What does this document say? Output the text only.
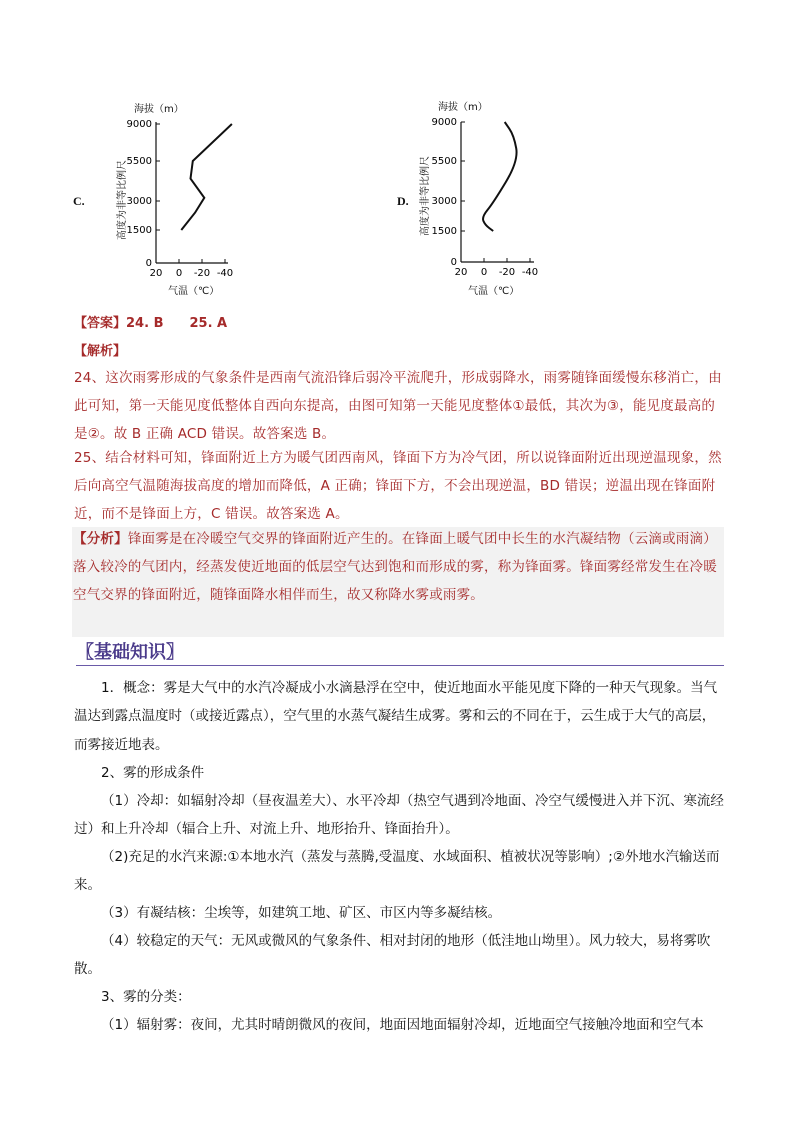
C.
海拔（m）
高度为非等比例尺
0
1500
3000
5500
9000
20 0 -20 -40
气温（℃）
D.
海拔（m）
高度为非等比例尺
0
1500
3000
5500
9000
20 0 -20 -40
气温（℃）
【答案】24. B 25. A
【解析】
24、这次雨雾形成的气象条件是西南气流沿锋后弱冷平流爬升，形成弱降水，雨雾随锋面缓慢东移消亡，由此可知，第一天能见度低整体自西向东提高，由图可知第一天能见度整体①最低，其次为③，能见度最高的是②。故 B 正确 ACD 错误。故答案选 B。
25、结合材料可知，锋面附近上方为暖气团西南风，锋面下方为冷气团，所以说锋面附近出现逆温现象，然后向高空气温随海拔高度的增加而降低，A 正确；锋面下方，不会出现逆温，BD 错误；逆温出现在锋面附近，而不是锋面上方，C 错误。故答案选 A。
【分析】锋面雾是在冷暖空气交界的锋面附近产生的。在锋面上暖气团中长生的水汽凝结物（云滴或雨滴）落入较冷的气团内，经蒸发使近地面的低层空气达到饱和而形成的雾，称为锋面雾。锋面雾经常发生在冷暖空气交界的锋面附近，随锋面降水相伴而生，故又称降水雾或雨雾。
〖基础知识〗
1．概念：雾是大气中的水汽冷凝成小水滴悬浮在空中，使近地面水平能见度下降的一种天气现象。当气温达到露点温度时（或接近露点），空气里的水蒸气凝结生成雾。雾和云的不同在于，云生成于大气的高层，而雾接近地表。
2、雾的形成条件
（1）冷却：如辐射冷却（昼夜温差大）、水平冷却（热空气遇到冷地面、冷空气缓慢进入并下沉、寒流经过）和上升冷却（辐合上升、对流上升、地形抬升、锋面抬升）。
（2)充足的水汽来源:①本地水汽（蒸发与蒸腾,受温度、水域面积、植被状况等影响）;②外地水汽输送而来。
（3）有凝结核：尘埃等，如建筑工地、矿区、市区内等多凝结核。
（4）较稳定的天气：无风或微风的气象条件、相对封闭的地形（低洼地山坳里）。风力较大，易将雾吹散。
3、雾的分类：
（1）辐射雾：夜间，尤其时晴朗微风的夜间，地面因地面辐射冷却，近地面空气接触冷地面和空气本
